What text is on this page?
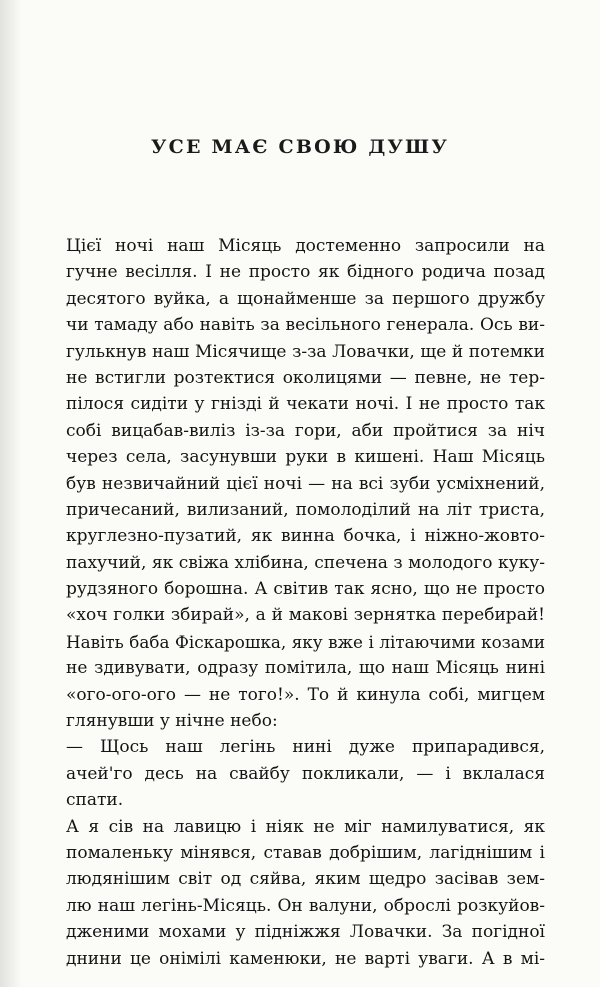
УСЕ МАЄ СВОЮ ДУШУ
Цієї ночі наш Місяць достеменно запросили на
гучне весілля. І не просто як бідного родича позад
десятого вуйка, а щонайменше за першого дружбу
чи тамаду або навіть за весільного генерала. Ось ви-
гулькнув наш Місячище з-за Ловачки, ще й потемки
не встигли розтектися околицями — певне, не тер-
пілося сидіти у гнізді й чекати ночі. І не просто так
собі вицабав-виліз із-за гори, аби пройтися за ніч
через села, засунувши руки в кишені. Наш Місяць
був незвичайний цієї ночі — на всі зуби усміхнений,
причесаний, вилизаний, помолоділий на літ триста,
круглезно-пузатий, як винна бочка, і ніжно-жовто-
пахучий, як свіжа хлібина, спечена з молодого куку-
рудзяного борошна. А світив так ясно, що не просто
«хоч голки збирай», а й макові зернятка перебирай!
Навіть баба Фіскарошка, яку вже і літаючими козами
не здивувати, одразу помітила, що наш Місяць нині
«ого-ого-ого — не того!». То й кинула собі, мигцем
глянувши у нічне небо:
— Щось наш легінь нині дуже припарадився,
ачей'го десь на свайбу покликали, — і вклалася
спати.
А я сів на лавицю і ніяк не міг намилуватися, як
помаленьку мінявся, ставав добрішим, лагіднішим і
людянішим світ од сяйва, яким щедро засівав зем-
лю наш легінь-Місяць. Он валуни, оброслі розкуйов-
дженими мохами у підніжжя Ловачки. За погідної
днини це онімілі каменюки, не варті уваги. А в мі-
